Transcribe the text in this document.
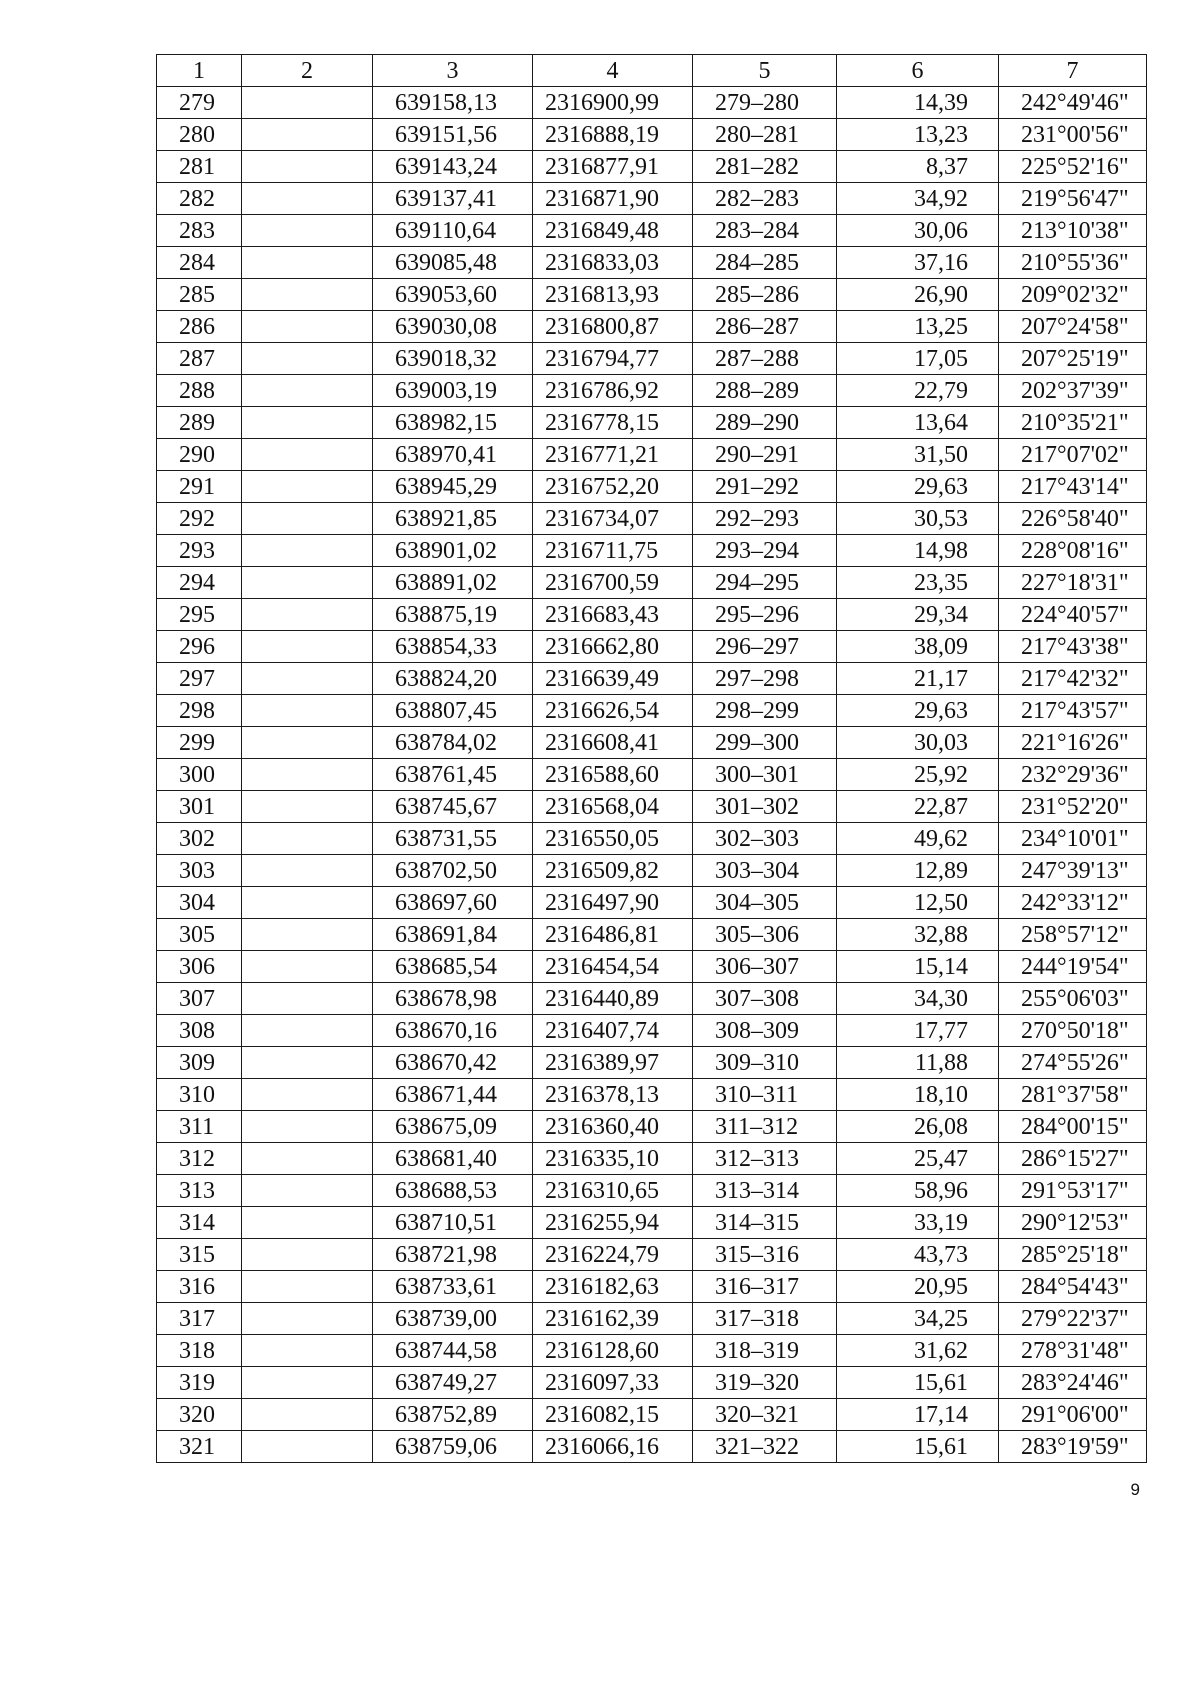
1	2	3	4	5	6	7
279		639158,13	2316900,99	279–280	14,39	242°49'46"
280		639151,56	2316888,19	280–281	13,23	231°00'56"
281		639143,24	2316877,91	281–282	8,37	225°52'16"
282		639137,41	2316871,90	282–283	34,92	219°56'47"
283		639110,64	2316849,48	283–284	30,06	213°10'38"
284		639085,48	2316833,03	284–285	37,16	210°55'36"
285		639053,60	2316813,93	285–286	26,90	209°02'32"
286		639030,08	2316800,87	286–287	13,25	207°24'58"
287		639018,32	2316794,77	287–288	17,05	207°25'19"
288		639003,19	2316786,92	288–289	22,79	202°37'39"
289		638982,15	2316778,15	289–290	13,64	210°35'21"
290		638970,41	2316771,21	290–291	31,50	217°07'02"
291		638945,29	2316752,20	291–292	29,63	217°43'14"
292		638921,85	2316734,07	292–293	30,53	226°58'40"
293		638901,02	2316711,75	293–294	14,98	228°08'16"
294		638891,02	2316700,59	294–295	23,35	227°18'31"
295		638875,19	2316683,43	295–296	29,34	224°40'57"
296		638854,33	2316662,80	296–297	38,09	217°43'38"
297		638824,20	2316639,49	297–298	21,17	217°42'32"
298		638807,45	2316626,54	298–299	29,63	217°43'57"
299		638784,02	2316608,41	299–300	30,03	221°16'26"
300		638761,45	2316588,60	300–301	25,92	232°29'36"
301		638745,67	2316568,04	301–302	22,87	231°52'20"
302		638731,55	2316550,05	302–303	49,62	234°10'01"
303		638702,50	2316509,82	303–304	12,89	247°39'13"
304		638697,60	2316497,90	304–305	12,50	242°33'12"
305		638691,84	2316486,81	305–306	32,88	258°57'12"
306		638685,54	2316454,54	306–307	15,14	244°19'54"
307		638678,98	2316440,89	307–308	34,30	255°06'03"
308		638670,16	2316407,74	308–309	17,77	270°50'18"
309		638670,42	2316389,97	309–310	11,88	274°55'26"
310		638671,44	2316378,13	310–311	18,10	281°37'58"
311		638675,09	2316360,40	311–312	26,08	284°00'15"
312		638681,40	2316335,10	312–313	25,47	286°15'27"
313		638688,53	2316310,65	313–314	58,96	291°53'17"
314		638710,51	2316255,94	314–315	33,19	290°12'53"
315		638721,98	2316224,79	315–316	43,73	285°25'18"
316		638733,61	2316182,63	316–317	20,95	284°54'43"
317		638739,00	2316162,39	317–318	34,25	279°22'37"
318		638744,58	2316128,60	318–319	31,62	278°31'48"
319		638749,27	2316097,33	319–320	15,61	283°24'46"
320		638752,89	2316082,15	320–321	17,14	291°06'00"
321		638759,06	2316066,16	321–322	15,61	283°19'59"
9
